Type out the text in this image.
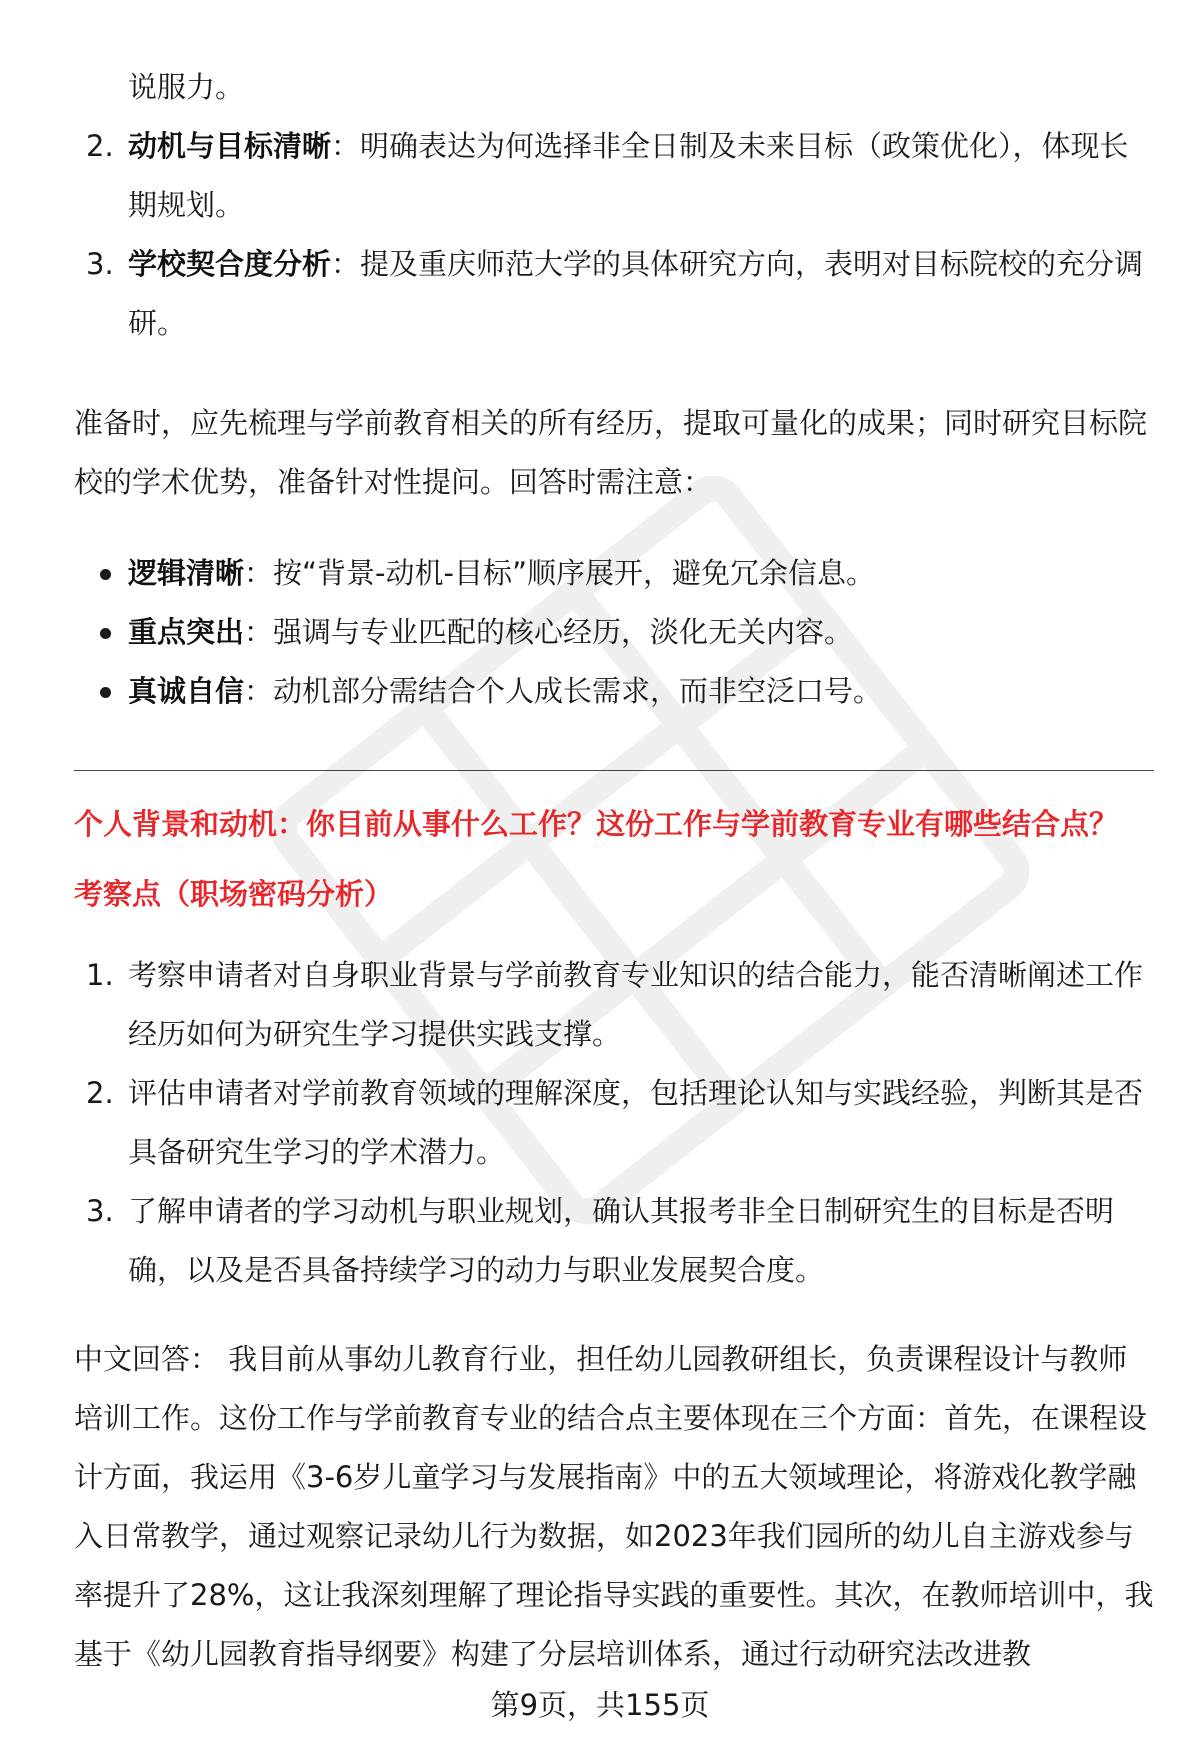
说服力。

2. 动机与目标清晰：明确表达为何选择非全日制及未来目标（政策优化），体现长期规划。
3. 学校契合度分析：提及重庆师范大学的具体研究方向，表明对目标院校的充分调研。

准备时，应先梳理与学前教育相关的所有经历，提取可量化的成果；同时研究目标院校的学术优势，准备针对性提问。回答时需注意：

逻辑清晰：按“背景-动机-目标”顺序展开，避免冗余信息。
重点突出：强调与专业匹配的核心经历，淡化无关内容。
真诚自信：动机部分需结合个人成长需求，而非空泛口号。

个人背景和动机：你目前从事什么工作？这份工作与学前教育专业有哪些结合点？

考察点（职场密码分析）

1. 考察申请者对自身职业背景与学前教育专业知识的结合能力，能否清晰阐述工作经历如何为研究生学习提供实践支撑。
2. 评估申请者对学前教育领域的理解深度，包括理论认知与实践经验，判断其是否具备研究生学习的学术潜力。
3. 了解申请者的学习动机与职业规划，确认其报考非全日制研究生的目标是否明确，以及是否具备持续学习的动力与职业发展契合度。

中文回答： 我目前从事幼儿教育行业，担任幼儿园教研组长，负责课程设计与教师培训工作。这份工作与学前教育专业的结合点主要体现在三个方面：首先，在课程设计方面，我运用《3-6岁儿童学习与发展指南》中的五大领域理论，将游戏化教学融入日常教学，通过观察记录幼儿行为数据，如2023年我们园所的幼儿自主游戏参与率提升了28%，这让我深刻理解了理论指导实践的重要性。其次，在教师培训中，我基于《幼儿园教育指导纲要》构建了分层培训体系，通过行动研究法改进教

第9页，共155页
